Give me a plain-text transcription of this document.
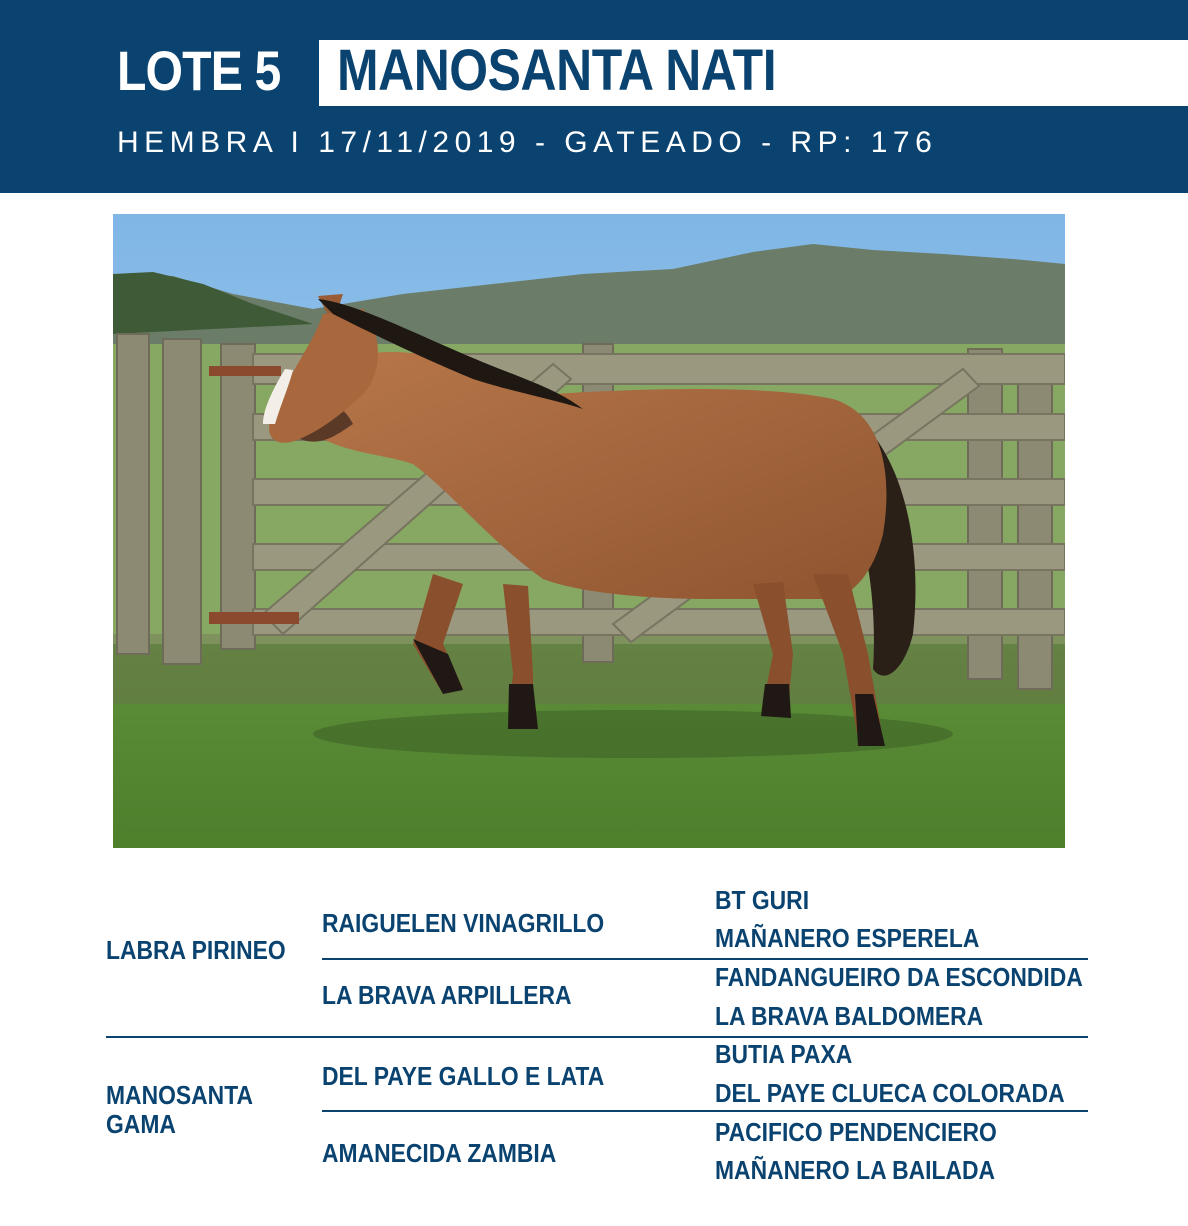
LOTE 5 MANOSANTA NATI
HEMBRA I 17/11/2019 - GATEADO - RP: 176
LABRA PIRINEO
MANOSANTA
GAMA
RAIGUELEN VINAGRILLO
LA BRAVA ARPILLERA
DEL PAYE GALLO E LATA
AMANECIDA ZAMBIA
BT GURI
MAÑANERO ESPERELA
FANDANGUEIRO DA ESCONDIDA
LA BRAVA BALDOMERA
BUTIA PAXA
DEL PAYE CLUECA COLORADA
PACIFICO PENDENCIERO
MAÑANERO LA BAILADA
